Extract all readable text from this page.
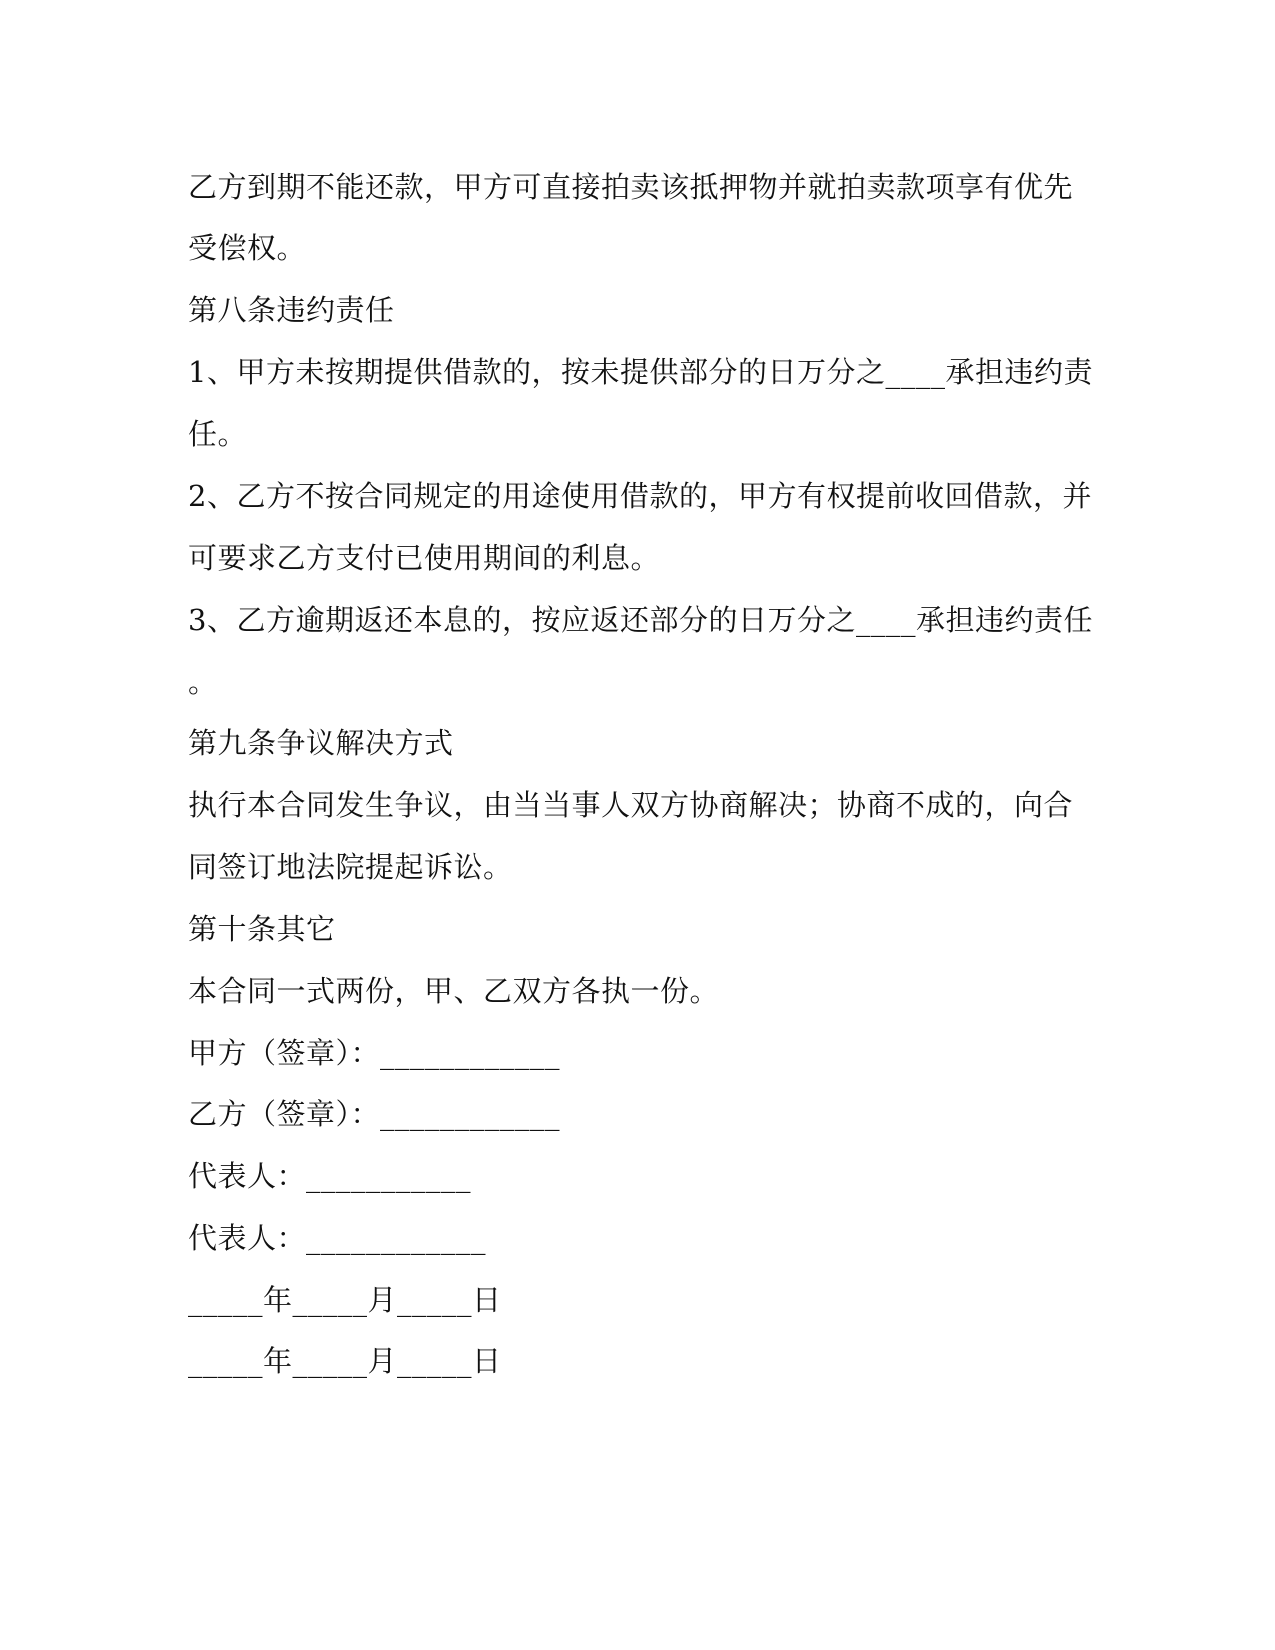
乙方到期不能还款，甲方可直接拍卖该抵押物并就拍卖款项享有优先
受偿权。
第八条违约责任
1、甲方未按期提供借款的，按未提供部分的日万分之____承担违约责
任。
2、乙方不按合同规定的用途使用借款的，甲方有权提前收回借款，并
可要求乙方支付已使用期间的利息。
3、乙方逾期返还本息的，按应返还部分的日万分之____承担违约责任
。
第九条争议解决方式
执行本合同发生争议，由当当事人双方协商解决；协商不成的，向合
同签订地法院提起诉讼。
第十条其它
本合同一式两份，甲、乙双方各执一份。
甲方（签章）：____________
乙方（签章）：____________
代表人：___________
代表人：____________
_____年_____月_____日
_____年_____月_____日
